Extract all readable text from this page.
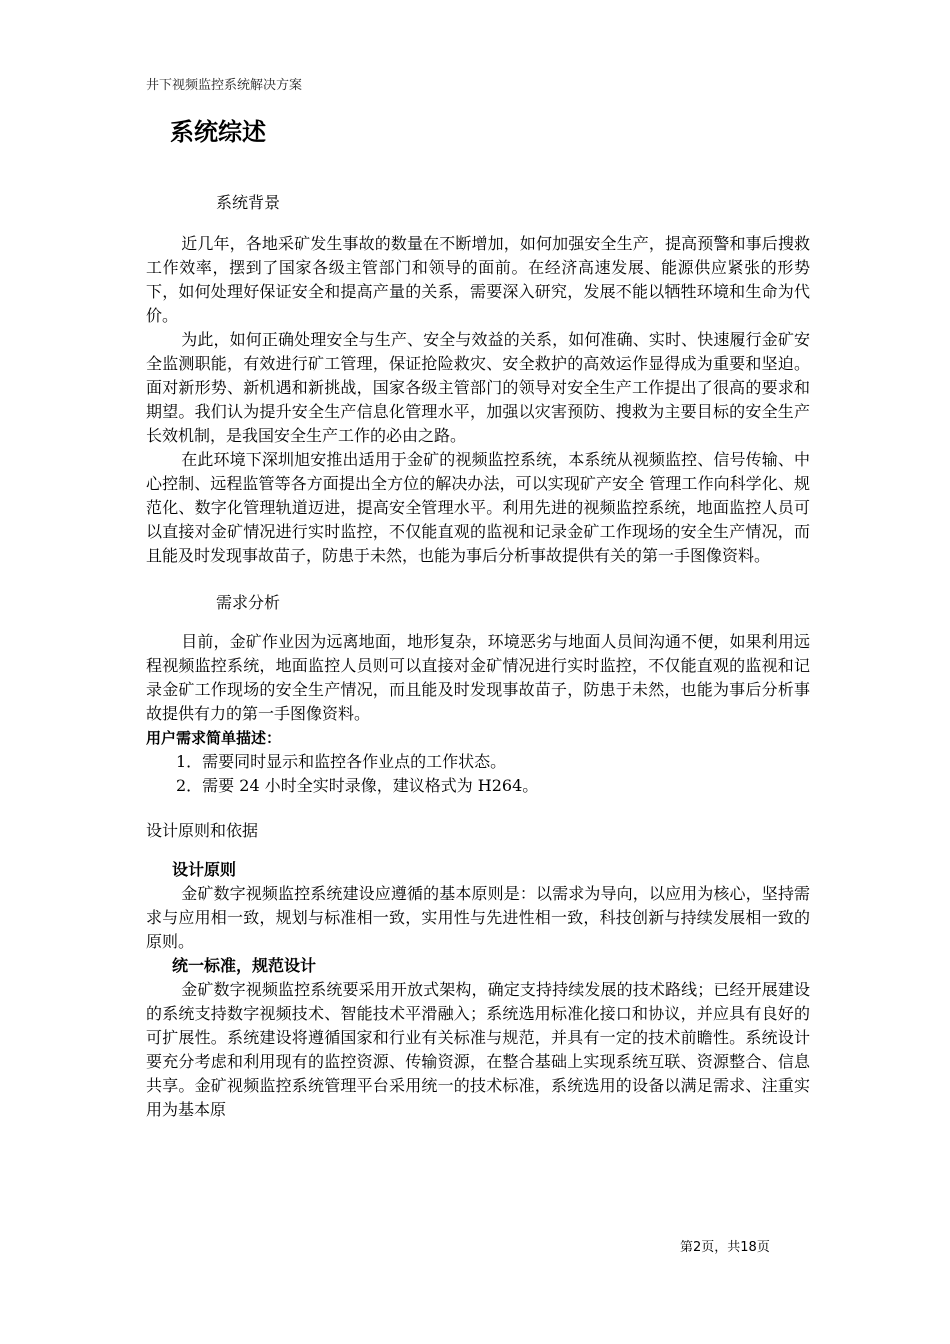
井下视频监控系统解决方案
系统综述
系统背景

近几年，各地采矿发生事故的数量在不断增加，如何加强安全生产，提高预警和事后搜救工作效率，摆到了国家各级主管部门和领导的面前。在经济高速发展、能源供应紧张的形势下，如何处理好保证安全和提高产量的关系，需要深入研究，发展不能以牺牲环境和生命为代价。

为此，如何正确处理安全与生产、安全与效益的关系，如何准确、实时、快速履行金矿安全监测职能，有效进行矿工管理，保证抢险救灾、安全救护的高效运作显得成为重要和坚迫。面对新形势、新机遇和新挑战，国家各级主管部门的领导对安全生产工作提出了很高的要求和期望。我们认为提升安全生产信息化管理水平，加强以灾害预防、搜救为主要目标的安全生产长效机制，是我国安全生产工作的必由之路。

在此环境下深圳旭安推出适用于金矿的视频监控系统，本系统从视频监控、信号传输、中心控制、远程监管等各方面提出全方位的解决办法，可以实现矿产安全 管理工作向科学化、规范化、数字化管理轨道迈进，提高安全管理水平。利用先进的视频监控系统，地面监控人员可以直接对金矿情况进行实时监控，不仅能直观的监视和记录金矿工作现场的安全生产情况，而且能及时发现事故苗子，防患于未然，也能为事后分析事故提供有关的第一手图像资料。

需求分析

目前，金矿作业因为远离地面，地形复杂，环境恶劣与地面人员间沟通不便，如果利用远程视频监控系统，地面监控人员则可以直接对金矿情况进行实时监控，不仅能直观的监视和记录金矿工作现场的安全生产情况，而且能及时发现事故苗子，防患于未然，也能为事后分析事故提供有力的第一手图像资料。

用户需求简单描述：
1．需要同时显示和监控各作业点的工作状态。
2．需要 24 小时全实时录像，建议格式为 H264。
设计原则和依据
设计原则

金矿数字视频监控系统建设应遵循的基本原则是：以需求为导向，以应用为核心，坚持需求与应用相一致，规划与标准相一致，实用性与先进性相一致，科技创新与持续发展相一致的原则。

统一标准，规范设计

金矿数字视频监控系统要采用开放式架构，确定支持持续发展的技术路线；已经开展建设的系统支持数字视频技术、智能技术平滑融入；系统选用标准化接口和协议，并应具有良好的可扩展性。系统建设将遵循国家和行业有关标准与规范，并具有一定的技术前瞻性。系统设计要充分考虑和利用现有的监控资源、传输资源，在整合基础上实现系统互联、资源整合、信息共享。金矿视频监控系统管理平台采用统一的技术标准，系统选用的设备以满足需求、注重实用为基本原

第2页，共18页
